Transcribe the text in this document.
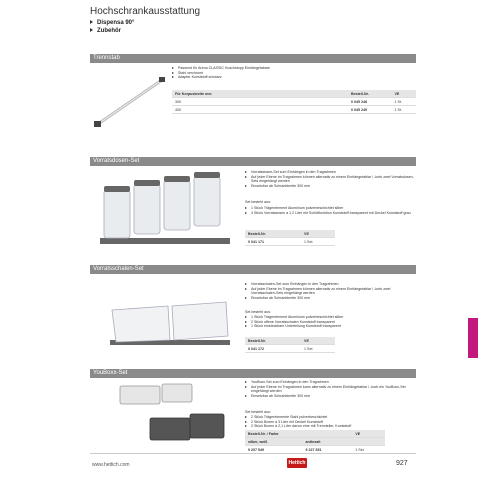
Hochschrankausstattung
Dispensa 90°
Zubehör
Trennstab
Passend für Arena CLASSIC Kuschstopp Einhängetabare
Stahl verchromt
Adapter Kunststoff schwarz
Für Korpusbreite mm	Bestell-Nr.	VE
300	0 045 248	1 St.
400	0 045 249	1 St.
Vorratsdosen-Set
Vorratsdosen-Set zum Einhängen in den Tragrahmen
Auf jeder Ebene im Tragrahmen können alternativ zu einem Einhängetablar / -korb zwei Vorratsdosen-Sets eingehängt werden
Einsetzbar ab Schrankbreite 300 mm
Set besteht aus:
1 Stück Trägerelement Aluminium pulverbeschichtet silber
4 Stück Vorratsdosen à 1,2 Liter mit Schüttfunktion Kunststoff transparent mit Deckel Kunststoff grau
Bestell-Nr.	VE
0 041 171	1 Set
Vorratsschalen-Set
Vorratsschalen-Set zum Einhängen in den Tragrahmen
Auf jeder Ebene im Tragrahmen können alternativ zu einem Einhängetablar / -korb zwei Vorratsschalen-Sets eingehängt werden
Einsetzbar ab Schrankbreite 300 mm
Set besteht aus:
1 Stück Trägerelement Aluminium pulverbeschichtet silber
2 Stück offene Vorratsschalen Kunststoff transparent
1 Stück einsteckbare Unterteilung Kunststoff transparent
Bestell-Nr.	VE
0 041 172	1 Set
YouBoxx-Set
YouBoxx-Set zum Einhängen in den Tragrahmen
Auf jeder Ebene im Tragrahmen kann alternativ zu einem Einhängetablar / -korb ein YouBoxx-Set eingehängt werden
Einsetzbar ab Schrankbreite 300 mm
Set besteht aus:
2 Stück Trägerelemente Stahl pulverbeschichtet
2 Stück Boxen à 3 Liter mit Deckel Kunststoff
2 Stück Boxen à 2,1 Liter davon eine mit Trennteiler, Kunststoff
Bestell-Nr. / Farbe		VE
silber, weiß	anthrazit	
9 207 549	9 227 651	1 Set
www.hettich.com	Hettich	927
